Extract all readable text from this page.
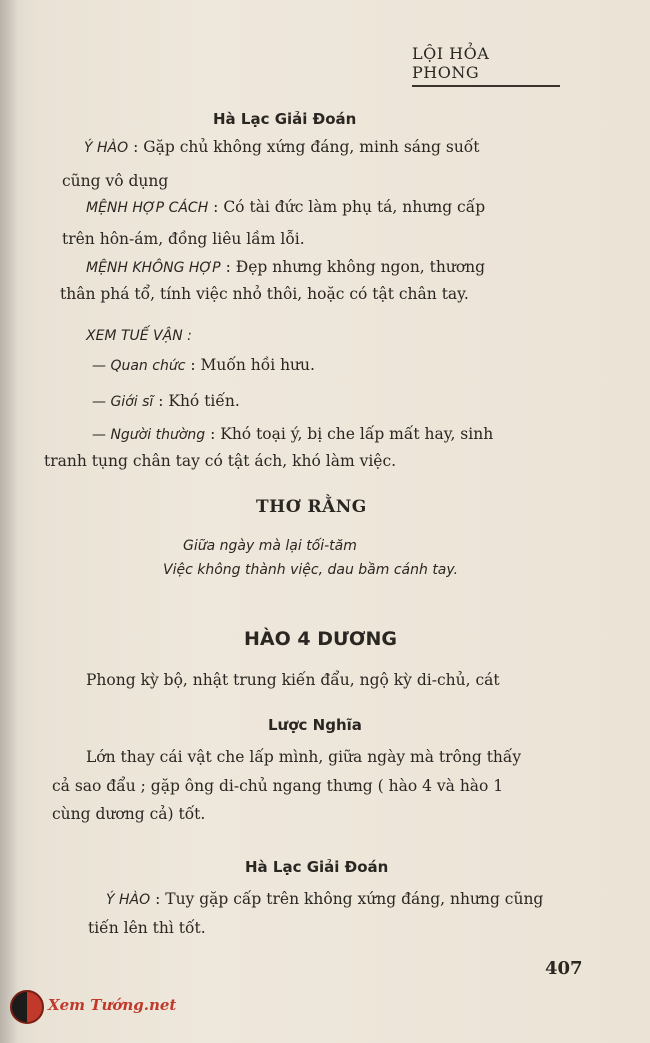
LỘI HỎA PHONG
Hà Lạc Giải Đoán
Ý HÀO : Gặp chủ không xứng đáng, minh sáng suốt
cũng vô dụng
MỆNH HỢP CÁCH : Có tài đức làm phụ tá, nhưng cấp
trên hôn-ám, đồng liêu lầm lỗi.
MỆNH KHÔNG HỢP : Đẹp nhưng không ngon, thương
thân phá tổ, tính việc nhỏ thôi, hoặc có tật chân tay.
XEM TUẾ VẬN :
— Quan chức : Muốn hồi hưu.
— Giới sĩ : Khó tiến.
— Người thường : Khó toại ý, bị che lấp mất hay, sinh
tranh tụng chân tay có tật ách, khó làm việc.
THƠ RẰNG
Giữa ngày mà lại tối-tăm
Việc không thành việc, dau bầm cánh tay.
HÀO 4 DƯƠNG
Phong kỳ bộ, nhật trung kiến đẩu, ngộ kỳ di-chủ, cát
Lược Nghĩa
Lớn thay cái vật che lấp mình, giữa ngày mà trông thấy
cả sao đẩu ; gặp ông di-chủ ngang thưng ( hào 4 và hào 1
cùng dương cả) tốt.
Hà Lạc Giải Đoán
Ý HÀO : Tuy gặp cấp trên không xứng đáng, nhưng cũng
tiến lên thì tốt.
407
Xem Tướng.net
